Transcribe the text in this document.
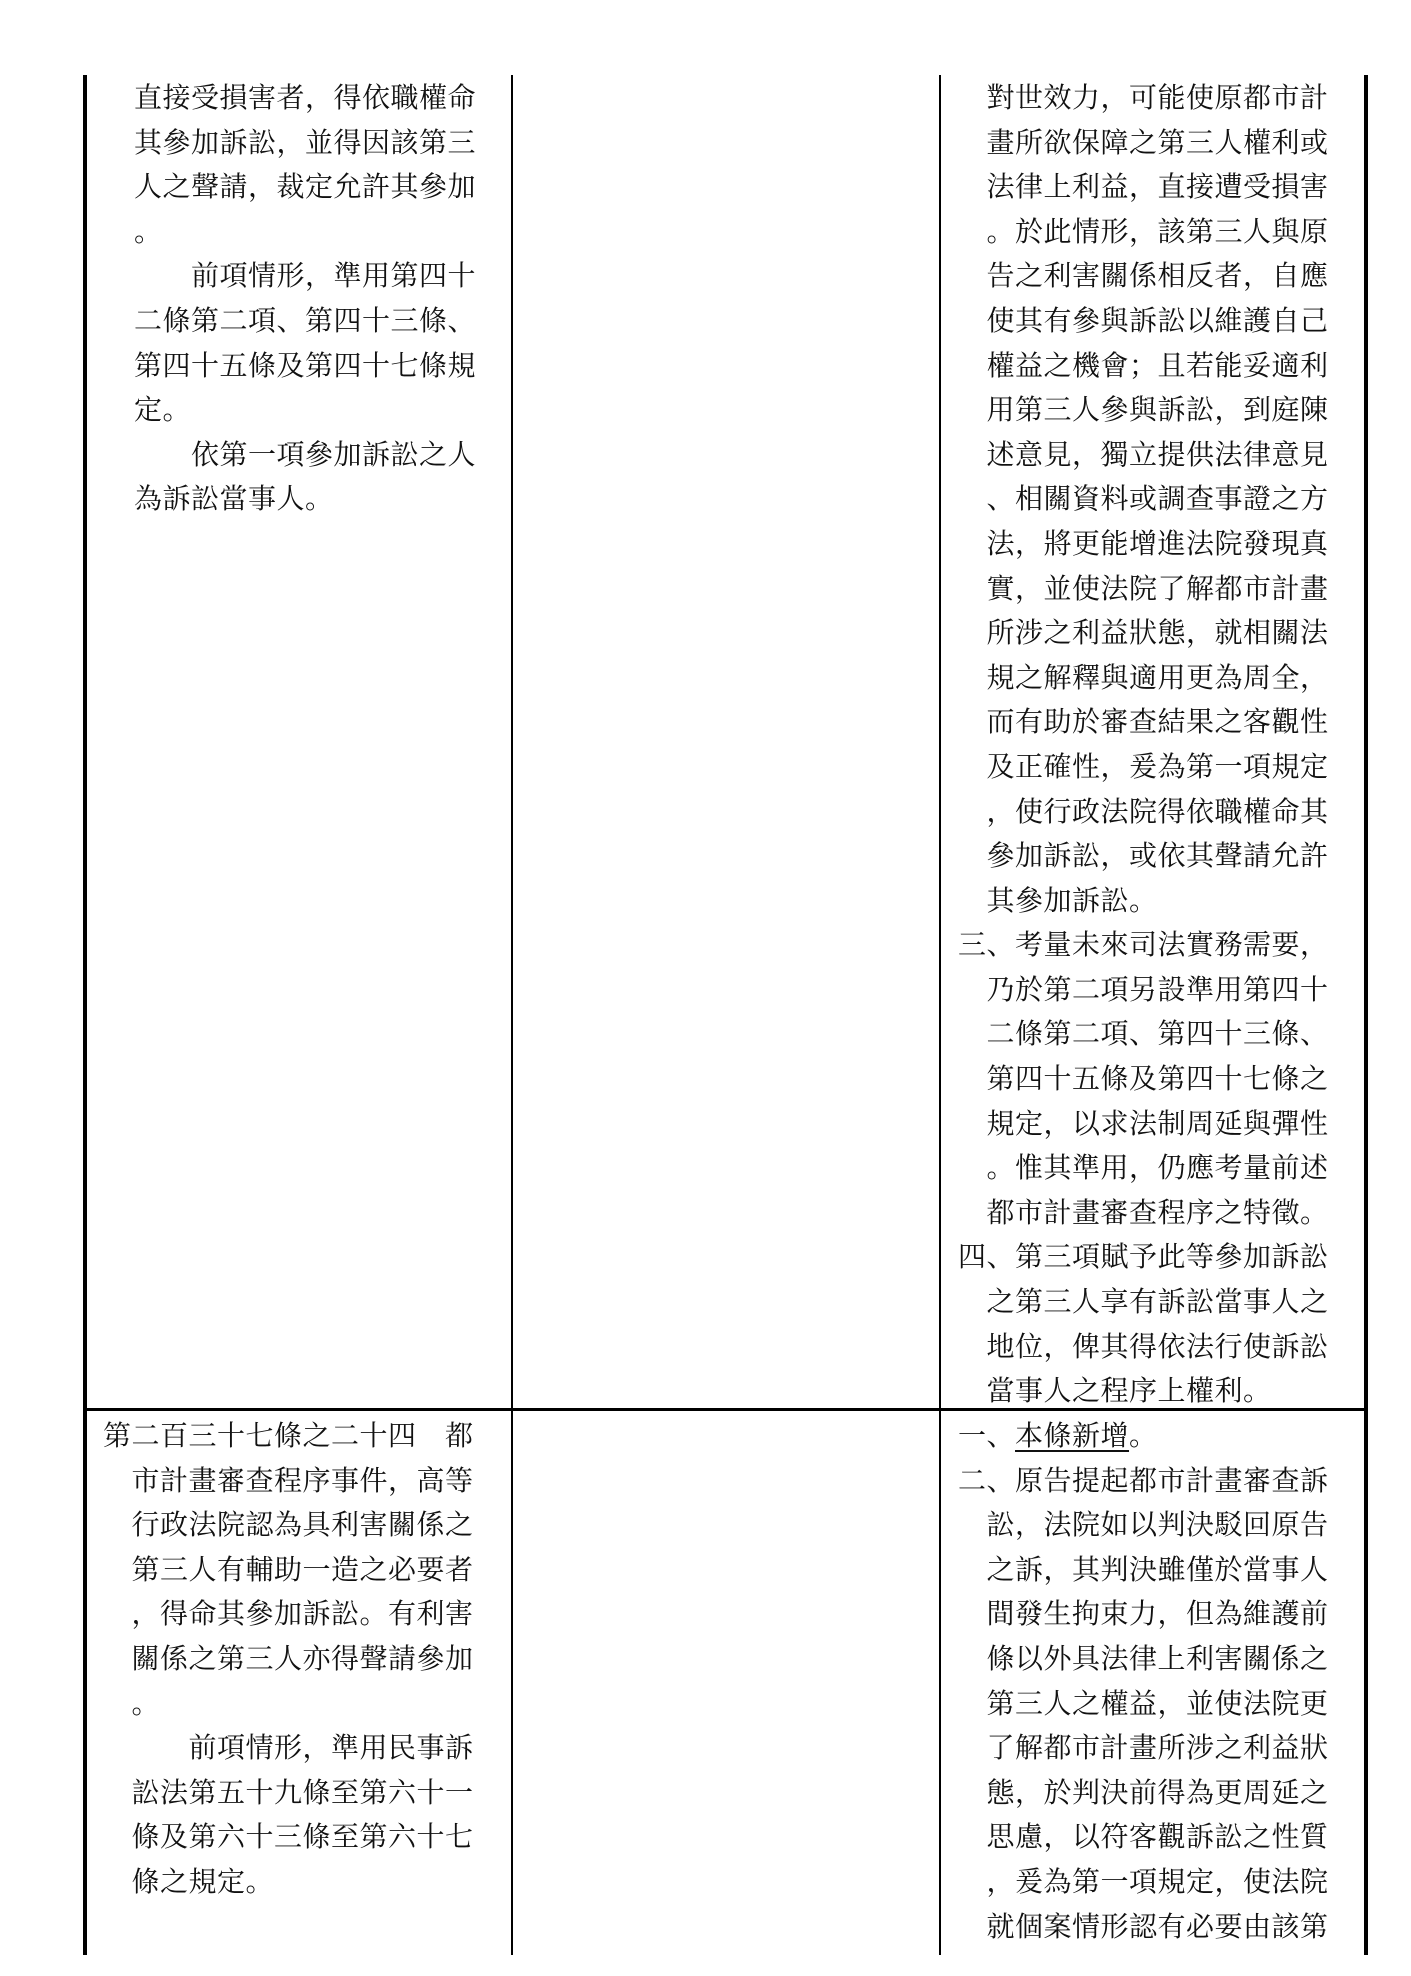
直接受損害者，得依職權命
其參加訴訟，並得因該第三
人之聲請，裁定允許其參加
。
　　前項情形，準用第四十
二條第二項、第四十三條、
第四十五條及第四十七條規
定。
　　依第一項參加訴訟之人
為訴訟當事人。
　對世效力，可能使原都市計
　畫所欲保障之第三人權利或
　法律上利益，直接遭受損害
　。於此情形，該第三人與原
　告之利害關係相反者，自應
　使其有參與訴訟以維護自己
　權益之機會；且若能妥適利
　用第三人參與訴訟，到庭陳
　述意見，獨立提供法律意見
　、相關資料或調查事證之方
　法，將更能增進法院發現真
　實，並使法院了解都市計畫
　所涉之利益狀態，就相關法
　規之解釋與適用更為周全，
　而有助於審查結果之客觀性
　及正確性，爰為第一項規定
　，使行政法院得依職權命其
　參加訴訟，或依其聲請允許
　其參加訴訟。
三、考量未來司法實務需要，
　乃於第二項另設準用第四十
　二條第二項、第四十三條、
　第四十五條及第四十七條之
　規定，以求法制周延與彈性
　。惟其準用，仍應考量前述
　都市計畫審查程序之特徵。
四、第三項賦予此等參加訴訟
　之第三人享有訴訟當事人之
　地位，俾其得依法行使訴訟
　當事人之程序上權利。
第二百三十七條之二十四　都
　市計畫審查程序事件，高等
　行政法院認為具利害關係之
　第三人有輔助一造之必要者
　，得命其參加訴訟。有利害
　關係之第三人亦得聲請參加
　。
　　　前項情形，準用民事訴
　訟法第五十九條至第六十一
　條及第六十三條至第六十七
　條之規定。
一、本條新增。
二、原告提起都市計畫審查訴
　訟，法院如以判決駁回原告
　之訴，其判決雖僅於當事人
　間發生拘束力，但為維護前
　條以外具法律上利害關係之
　第三人之權益，並使法院更
　了解都市計畫所涉之利益狀
　態，於判決前得為更周延之
　思慮，以符客觀訴訟之性質
　，爰為第一項規定，使法院
　就個案情形認有必要由該第
